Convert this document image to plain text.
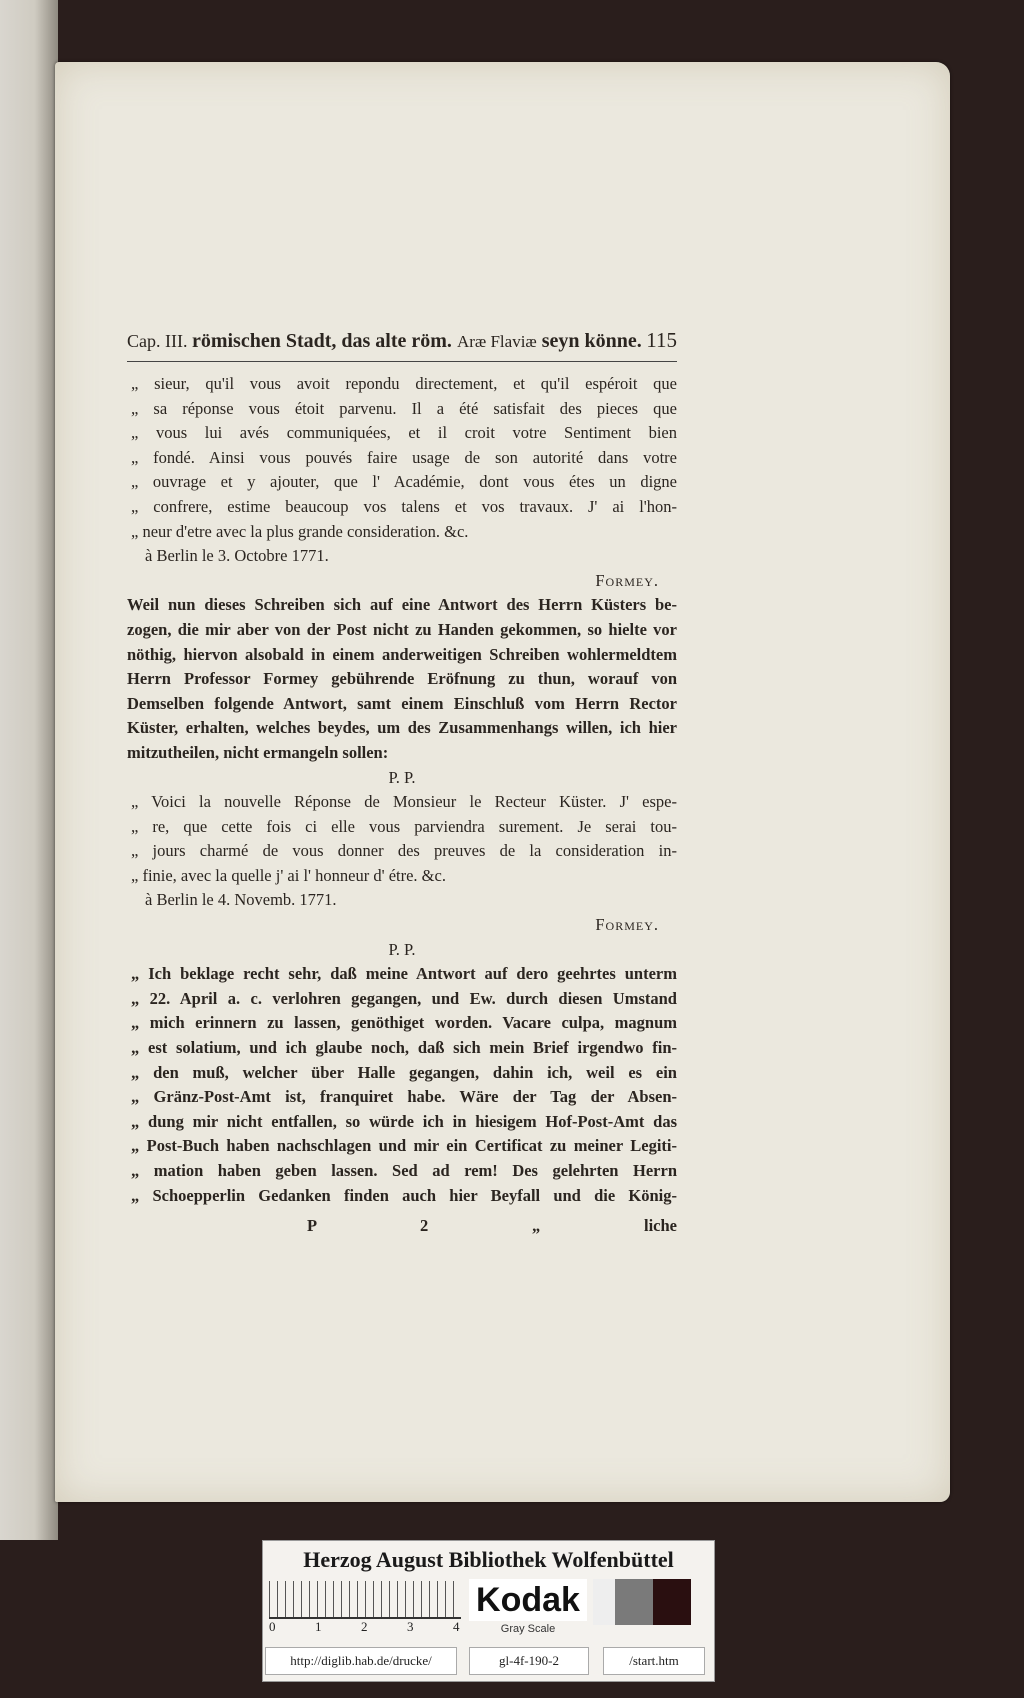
Cap. III. römischen Stadt, das alte röm. Aræ Flaviæ seyn könne. 115
„ sieur, qu'il vous avoit repondu directement, et qu'il espéroit que
„ sa réponse vous étoit parvenu. Il a été satisfait des pieces que
„ vous lui avés communiquées, et il croit votre Sentiment bien
„ fondé. Ainsi vous pouvés faire usage de son autorité dans votre
„ ouvrage et y ajouter, que l' Académie, dont vous étes un digne
„ confrere, estime beaucoup vos talens et vos travaux. J' ai l'hon-
„ neur d'etre avec la plus grande consideration. &c.
à Berlin le 3. Octobre 1771.
Formey.
Weil nun dieses Schreiben sich auf eine Antwort des Herrn Küsters be-
zogen, die mir aber von der Post nicht zu Handen gekommen, so hielte vor
nöthig, hiervon alsobald in einem anderweitigen Schreiben wohlermeldtem
Herrn Professor Formey gebührende Eröfnung zu thun, worauf von
Demselben folgende Antwort, samt einem Einschluß vom Herrn Rector
Küster, erhalten, welches beydes, um des Zusammenhangs willen, ich hier
mitzutheilen, nicht ermangeln sollen:
P. P.
„ Voici la nouvelle Réponse de Monsieur le Recteur Küster. J' espe-
„ re, que cette fois ci elle vous parviendra surement. Je serai tou-
„ jours charmé de vous donner des preuves de la consideration in-
„ finie, avec la quelle j' ai l' honneur d' étre. &c.
à Berlin le 4. Novemb. 1771.
Formey.
P. P.
„ Ich beklage recht sehr, daß meine Antwort auf dero geehrtes unterm
„ 22. April a. c. verlohren gegangen, und Ew. durch diesen Umstand
„ mich erinnern zu lassen, genöthiget worden. Vacare culpa, magnum
„ est solatium, und ich glaube noch, daß sich mein Brief irgendwo fin-
„ den muß, welcher über Halle gegangen, dahin ich, weil es ein
„ Gränz-Post-Amt ist, franquiret habe. Wäre der Tag der Absen-
„ dung mir nicht entfallen, so würde ich in hiesigem Hof-Post-Amt das
„ Post-Buch haben nachschlagen und mir ein Certificat zu meiner Legiti-
„ mation haben geben lassen. Sed ad rem! Des gelehrten Herrn
„ Schoepperlin Gedanken finden auch hier Beyfall und die König-
P 2	„ liche
Herzog August Bibliothek Wolfenbüttel
0	1	2	3	4
Kodak
Gray Scale
http://diglib.hab.de/drucke/	gl-4f-190-2	/start.htm
